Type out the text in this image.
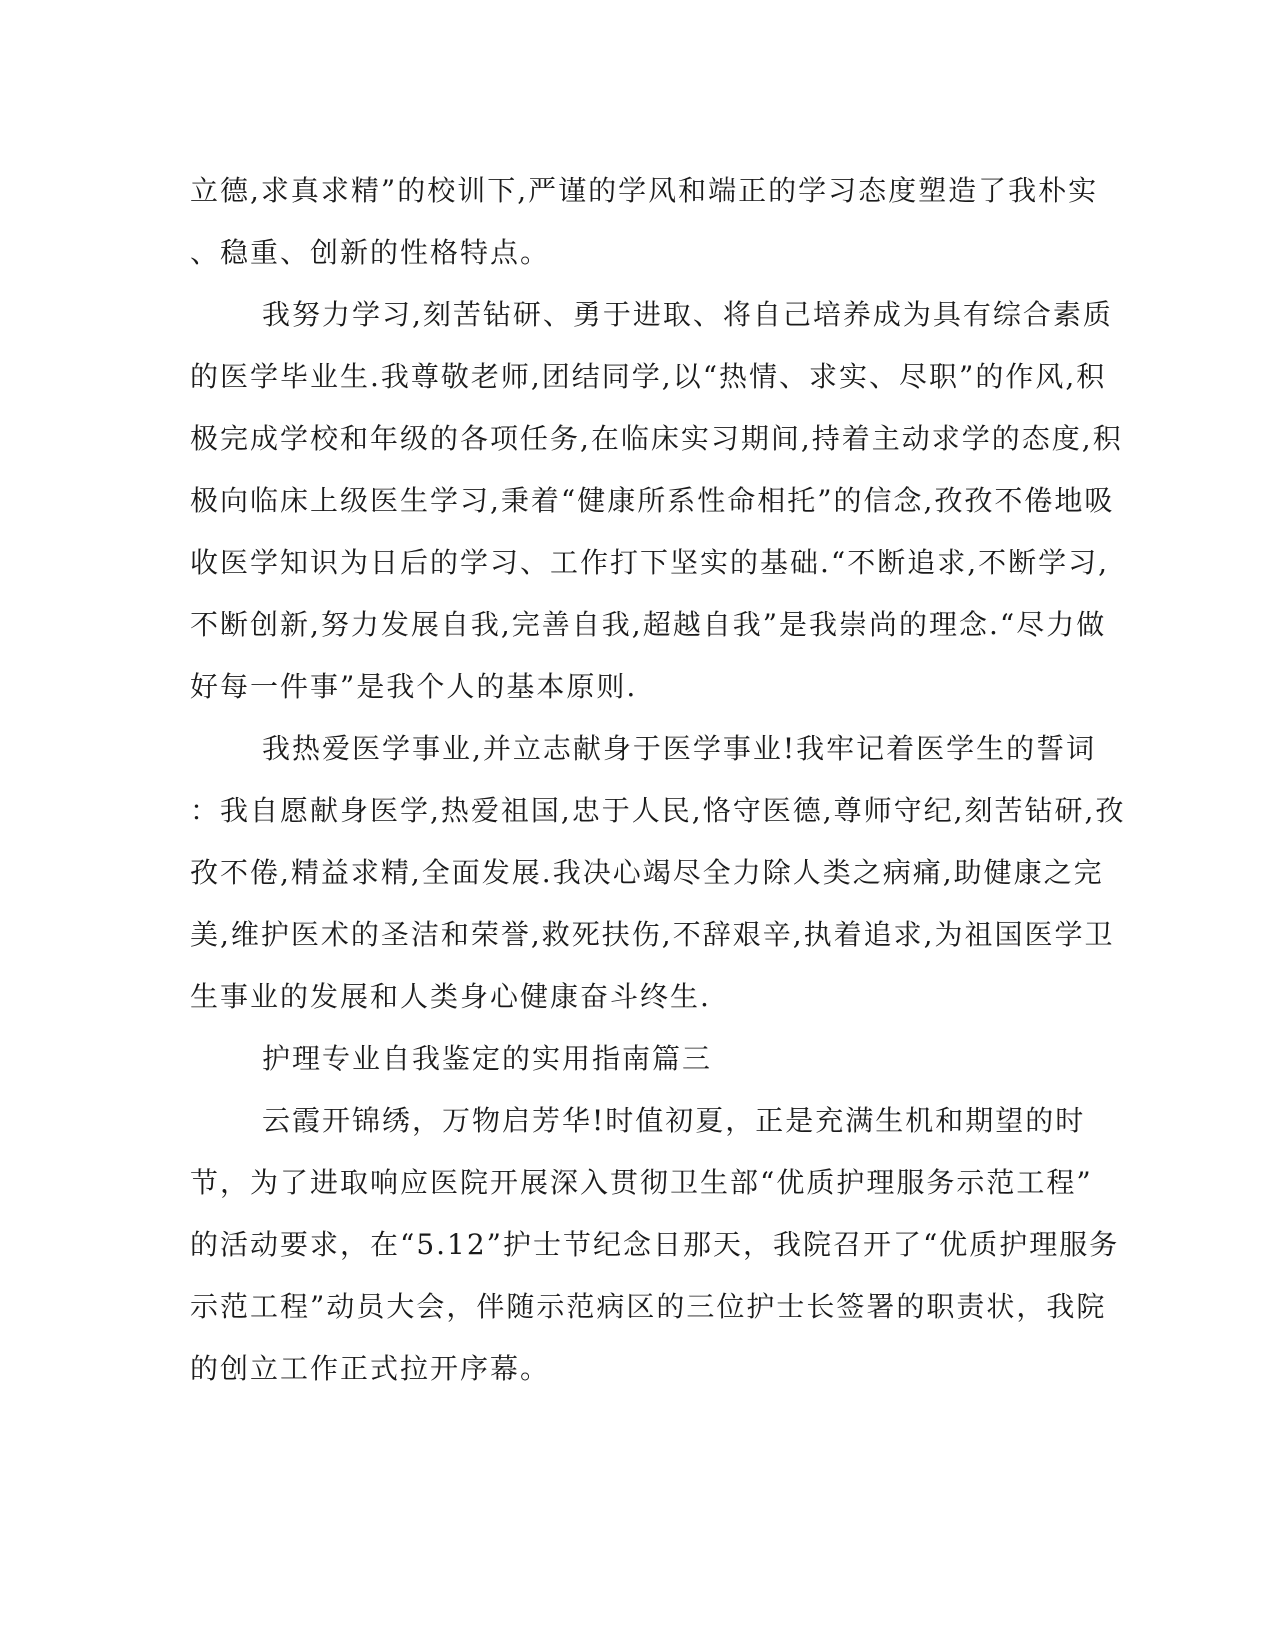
立德,求真求精”的校训下,严谨的学风和端正的学习态度塑造了我朴实
、稳重、创新的性格特点。
我努力学习,刻苦钻研、勇于进取、将自己培养成为具有综合素质
的医学毕业生.我尊敬老师,团结同学,以“热情、求实、尽职”的作风,积
极完成学校和年级的各项任务,在临床实习期间,持着主动求学的态度,积
极向临床上级医生学习,秉着“健康所系性命相托”的信念,孜孜不倦地吸
收医学知识为日后的学习、工作打下坚实的基础.“不断追求,不断学习,
不断创新,努力发展自我,完善自我,超越自我”是我崇尚的理念.“尽力做
好每一件事”是我个人的基本原则.
我热爱医学事业,并立志献身于医学事业!我牢记着医学生的誓词
：我自愿献身医学,热爱祖国,忠于人民,恪守医德,尊师守纪,刻苦钻研,孜
孜不倦,精益求精,全面发展.我决心竭尽全力除人类之病痛,助健康之完
美,维护医术的圣洁和荣誉,救死扶伤,不辞艰辛,执着追求,为祖国医学卫
生事业的发展和人类身心健康奋斗终生.
护理专业自我鉴定的实用指南篇三
云霞开锦绣，万物启芳华!时值初夏，正是充满生机和期望的时
节，为了进取响应医院开展深入贯彻卫生部“优质护理服务示范工程”
的活动要求，在“5.12”护士节纪念日那天，我院召开了“优质护理服务
示范工程”动员大会，伴随示范病区的三位护士长签署的职责状，我院
的创立工作正式拉开序幕。
